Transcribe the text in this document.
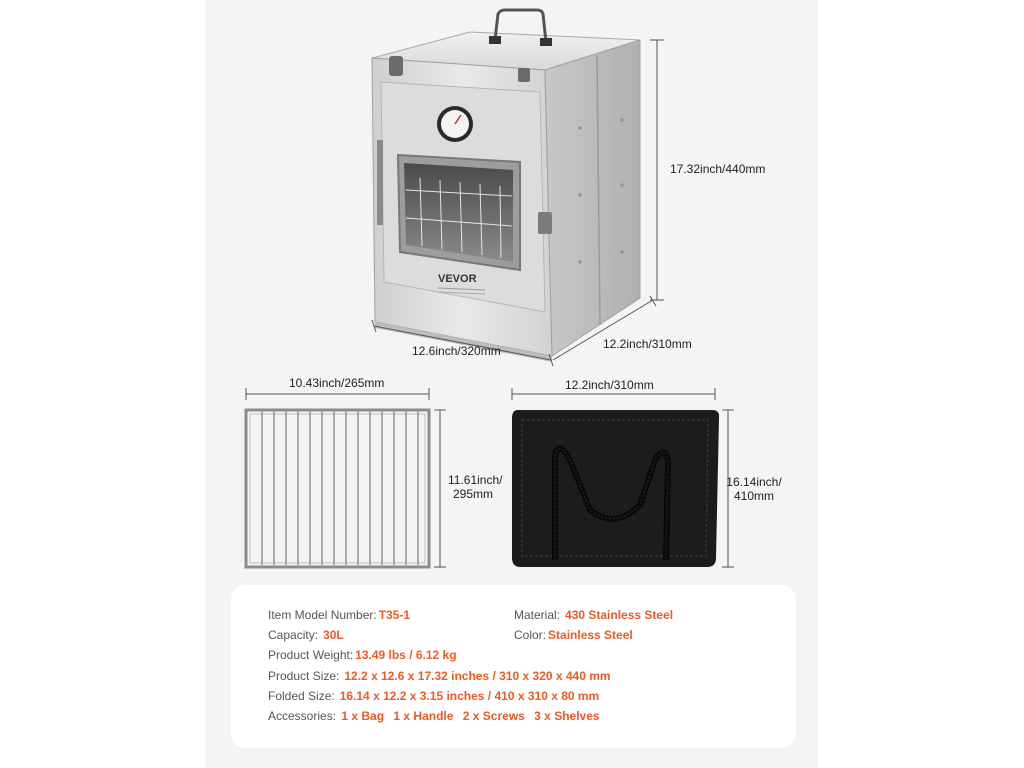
VEVOR
17.32inch/440mm
12.6inch/320mm	12.2inch/310mm
10.43inch/265mm
11.61inch/
295mm
12.2inch/310mm
16.14inch/
410mm
Item Model Number: T35-1	Material: 430 Stainless Steel
Capacity: 30L	Color: Stainless Steel
Product Weight: 13.49 lbs / 6.12 kg
Product Size: 12.2 x 12.6 x 17.32 inches / 310 x 320 x 440 mm
Folded Size: 16.14 x 12.2 x 3.15 inches / 410 x 310 x 80 mm
Accessories: 1 x Bag 1 x Handle 2 x Screws 3 x Shelves
